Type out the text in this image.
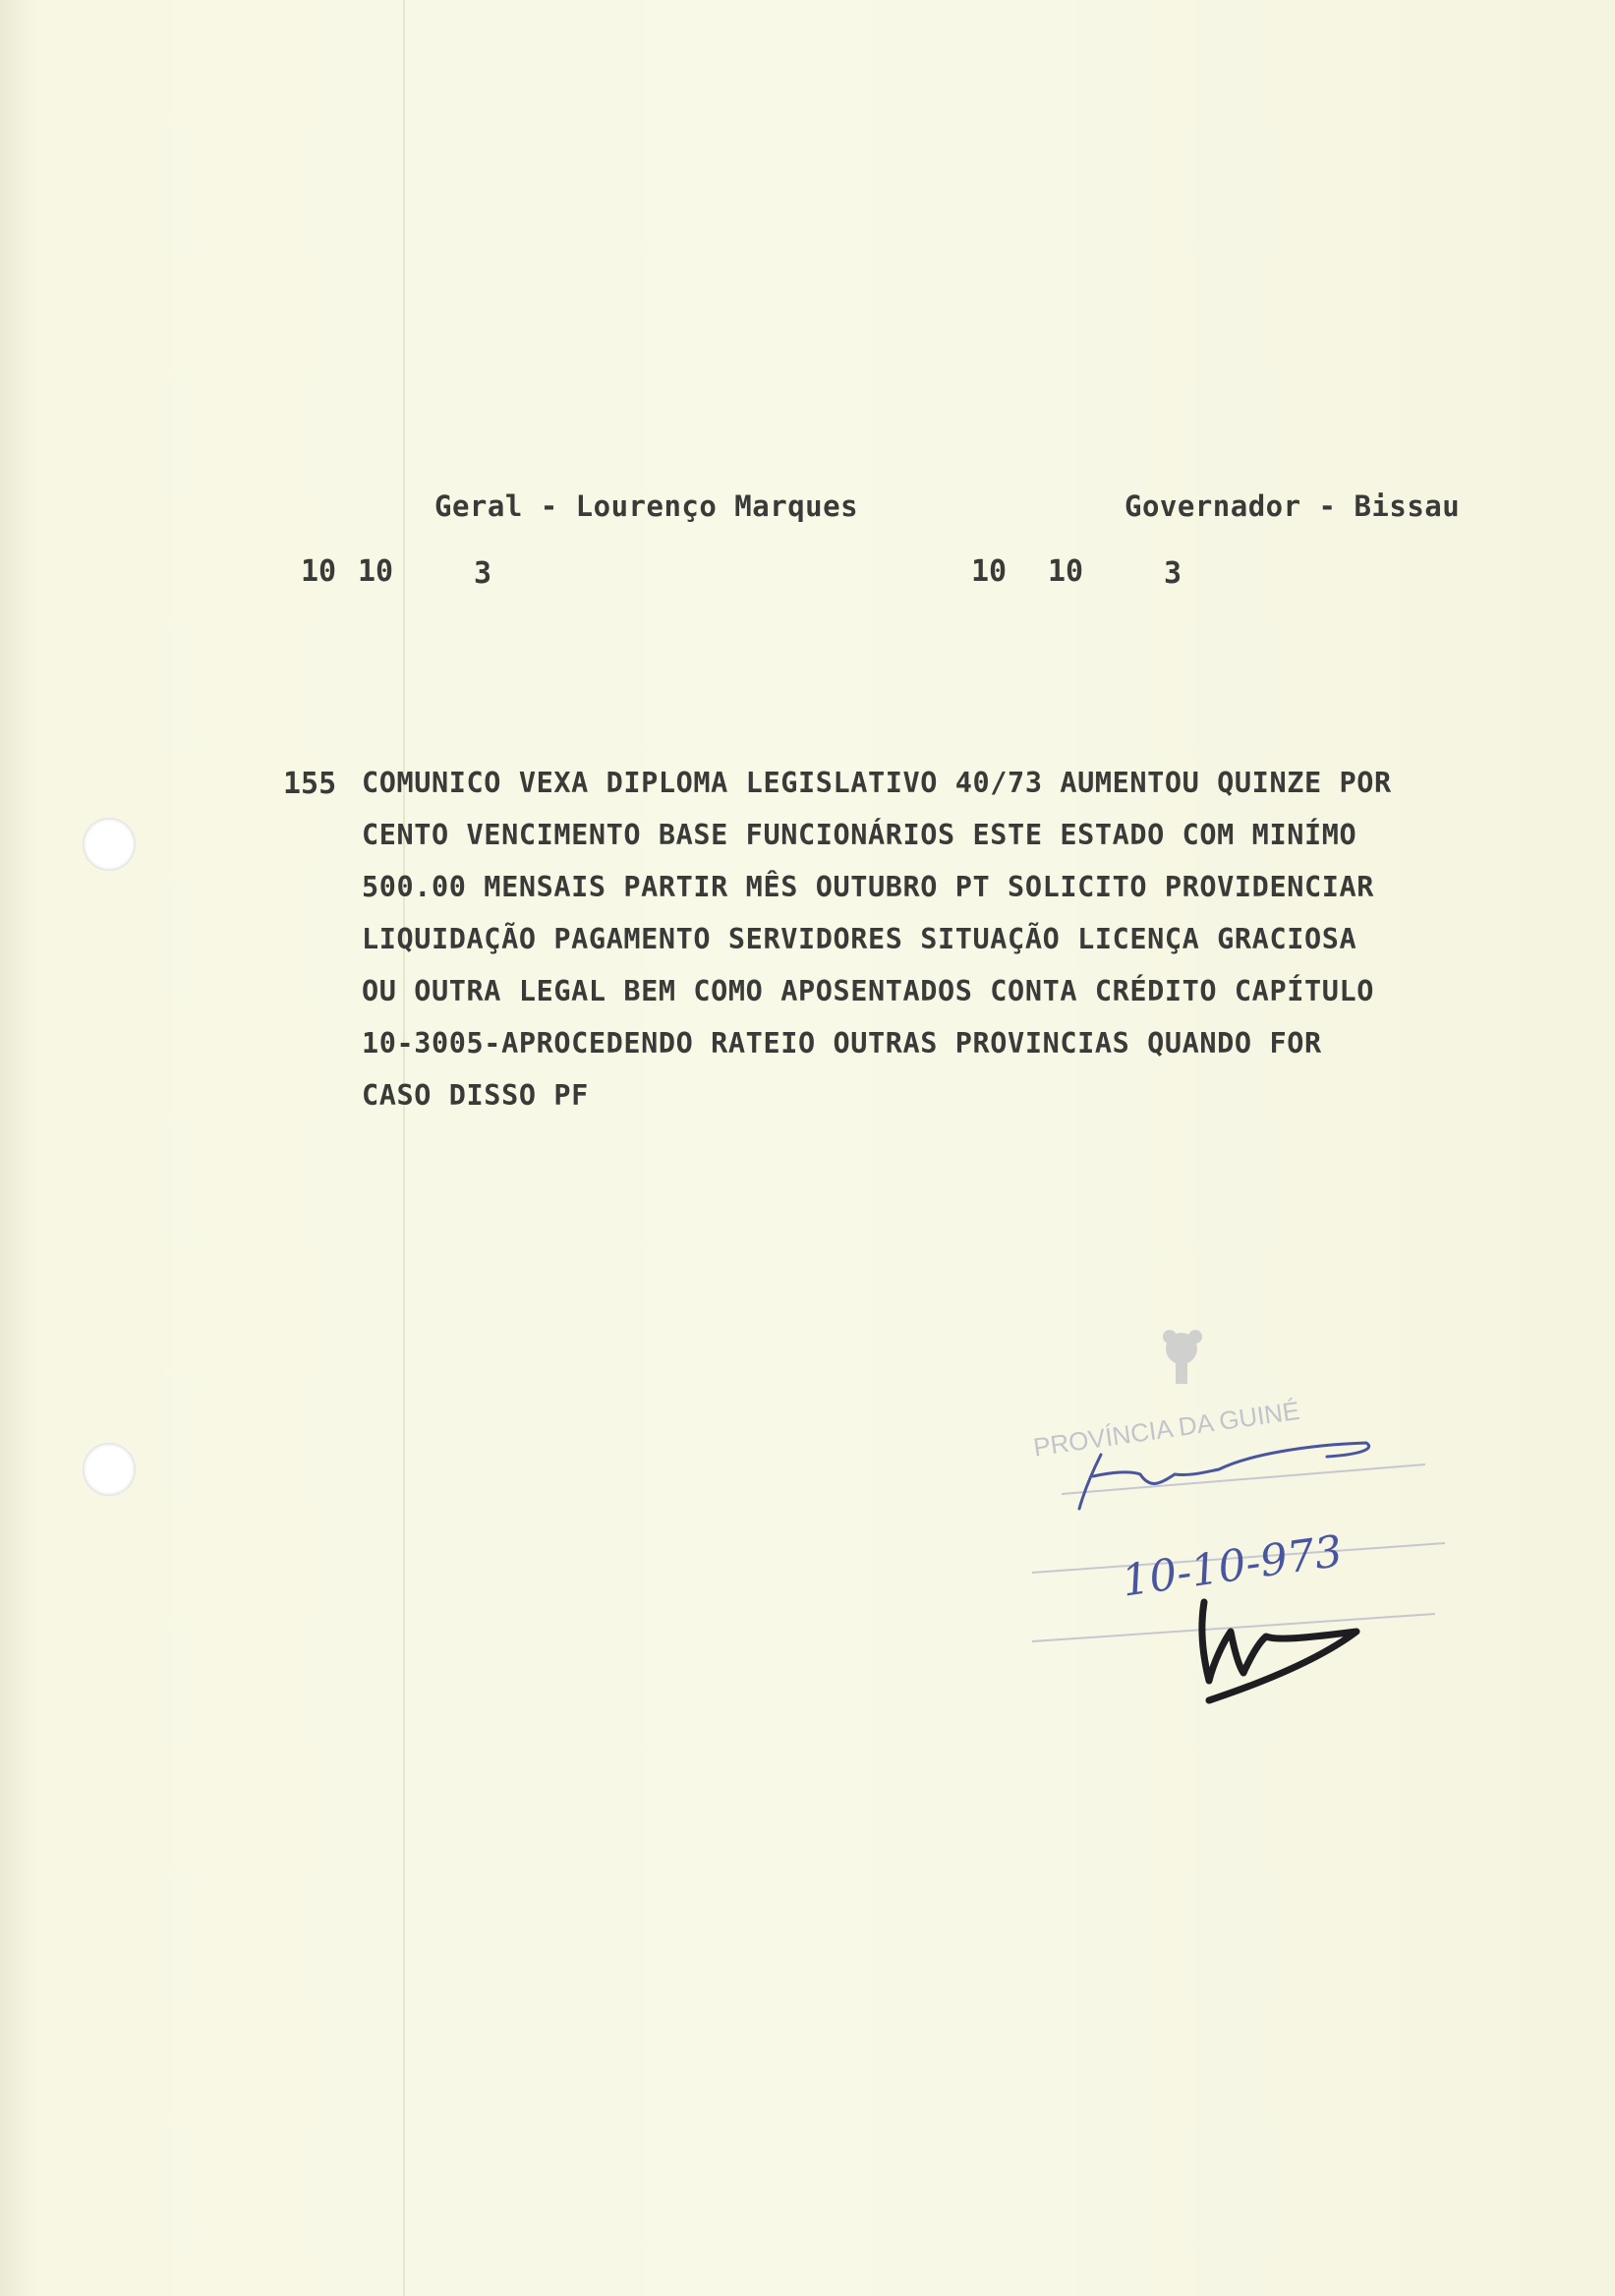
Geral - Lourenço Marques	Governador - Bissau
10 10	3	10 10	3
155 COMUNICO VEXA DIPLOMA LEGISLATIVO 40/73 AUMENTOU QUINZE POR
CENTO VENCIMENTO BASE FUNCIONÁRIOS ESTE ESTADO COM MINÍMO
500.00 MENSAIS PARTIR MÊS OUTUBRO PT SOLICITO PROVIDENCIAR
LIQUIDAÇÃO PAGAMENTO SERVIDORES SITUAÇÃO LICENÇA GRACIOSA
OU OUTRA LEGAL BEM COMO APOSENTADOS CONTA CRÉDITO CAPÍTULO
10-3005-APROCEDENDO RATEIO OUTRAS PROVINCIAS QUANDO FOR
CASO DISSO PF
PROVÍNCIA DA GUINÉ
10-10-973
